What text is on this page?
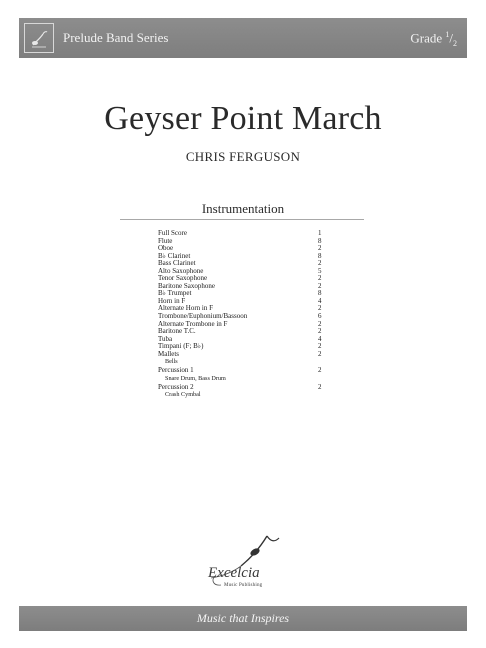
Prelude Band Series	Grade $^1/_2$
Geyser Point March
CHRIS FERGUSON
Instrumentation
Full Score	1
Flute	8
Oboe	2
B♭ Clarinet	8
Bass Clarinet	2
Alto Saxophone	5
Tenor Saxophone	2
Baritone Saxophone	2
B♭ Trumpet	8
Horn in F	4
Alternate Horn in F	2
Trombone/Euphonium/Bassoon	6
Alternate Trombone in F	2
Baritone T.C.	2
Tuba	4
Timpani (F; B♭)	2
Mallets	2
Bells
Percussion 1	2
Snare Drum, Bass Drum
Percussion 2	2
Crash Cymbal
Excelcia
Music Publishing
Music that Inspires
